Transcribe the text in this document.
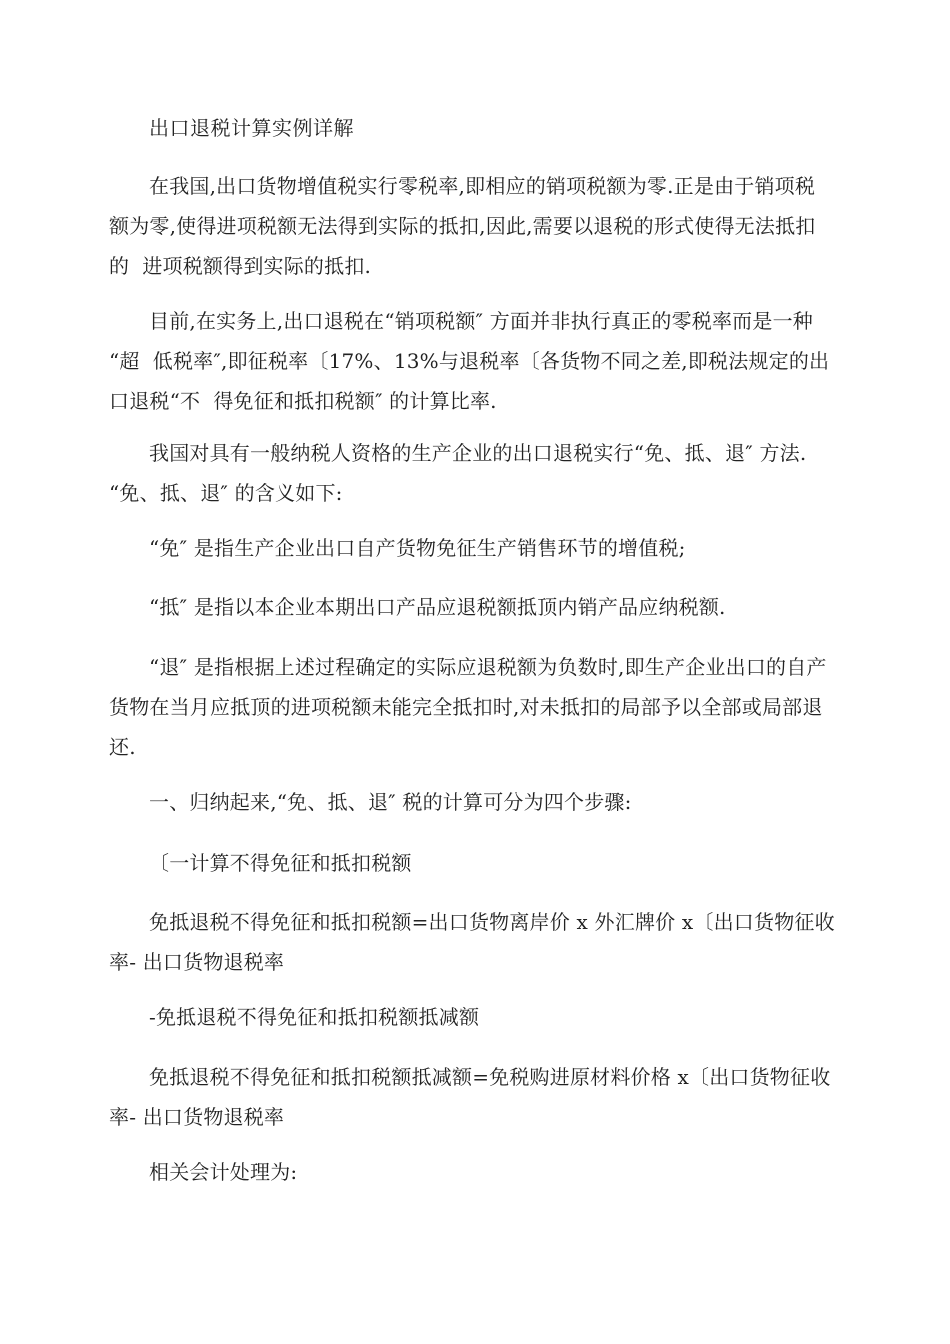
出口退税计算实例详解

在我国,出口货物增值税实行零税率,即相应的销项税额为零.正是由于销项税
额为零,使得进项税额无法得到实际的抵扣,因此,需要以退税的形式使得无法抵扣
的  进项税额得到实际的抵扣.

目前,在实务上,出口退税在“销项税额″ 方面并非执行真正的零税率而是一种
“超  低税率″,即征税率〔17%、13%与退税率〔各货物不同之差,即税法规定的出
口退税“不  得免征和抵扣税额″ 的计算比率.

我国对具有一般纳税人资格的生产企业的出口退税实行“免、抵、退″ 方法.
“免、抵、退″ 的含义如下:

“免″ 是指生产企业出口自产货物免征生产销售环节的增值税;

“抵″ 是指以本企业本期出口产品应退税额抵顶内销产品应纳税额.

“退″ 是指根据上述过程确定的实际应退税额为负数时,即生产企业出口的自产
货物在当月应抵顶的进项税额未能完全抵扣时,对未抵扣的局部予以全部或局部退
还.

一、归纳起来,“免、抵、退″ 税的计算可分为四个步骤:

〔一计算不得免征和抵扣税额

免抵退税不得免征和抵扣税额=出口货物离岸价 x 外汇牌价 x〔出口货物征收
率- 出口货物退税率

-免抵退税不得免征和抵扣税额抵减额

免抵退税不得免征和抵扣税额抵减额=免税购进原材料价格 x〔出口货物征收
率- 出口货物退税率

相关会计处理为:
